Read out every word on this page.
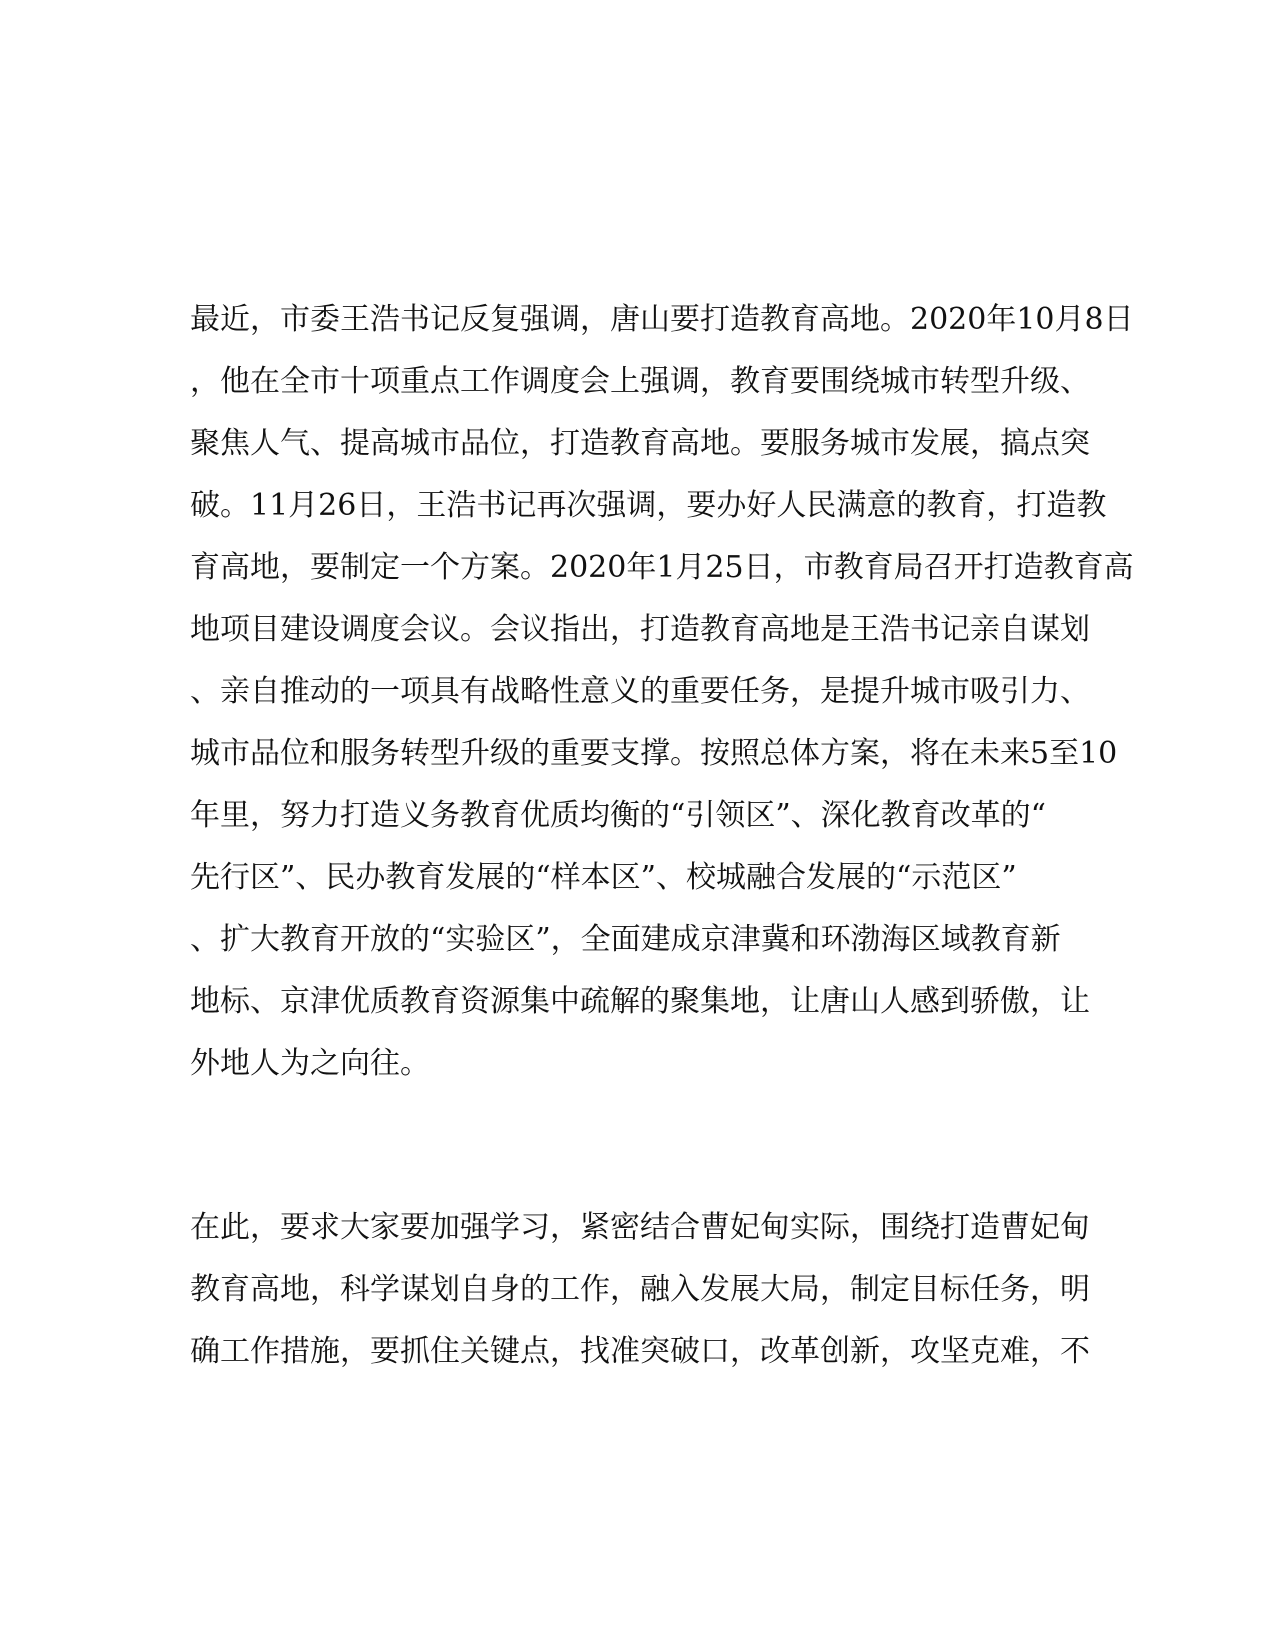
最近，市委王浩书记反复强调，唐山要打造教育高地。2020年10月8日
，他在全市十项重点工作调度会上强调，教育要围绕城市转型升级、
聚焦人气、提高城市品位，打造教育高地。要服务城市发展，搞点突
破。11月26日，王浩书记再次强调，要办好人民满意的教育，打造教
育高地，要制定一个方案。2020年1月25日，市教育局召开打造教育高
地项目建设调度会议。会议指出，打造教育高地是王浩书记亲自谋划
、亲自推动的一项具有战略性意义的重要任务，是提升城市吸引力、
城市品位和服务转型升级的重要支撑。按照总体方案，将在未来5至10
年里，努力打造义务教育优质均衡的“引领区”、深化教育改革的“
先行区”、民办教育发展的“样本区”、校城融合发展的“示范区”
、扩大教育开放的“实验区”，全面建成京津冀和环渤海区域教育新
地标、京津优质教育资源集中疏解的聚集地，让唐山人感到骄傲，让
外地人为之向往。
在此，要求大家要加强学习，紧密结合曹妃甸实际，围绕打造曹妃甸
教育高地，科学谋划自身的工作，融入发展大局，制定目标任务，明
确工作措施，要抓住关键点，找准突破口，改革创新，攻坚克难，不
